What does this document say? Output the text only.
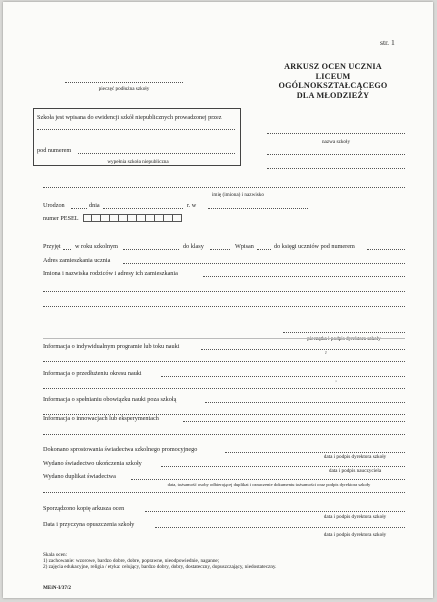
str. 1
pieczęć podłużna szkoły
ARKUSZ OCEN UCZNIA
LICEUM OGÓLNOKSZTAŁCĄCEGO
DLA MŁODZIEŻY
Szkoła jest wpisana do ewidencji szkół niepublicznych prowadzonej przez
pod numerem
wypełnia szkoła niepubliczna
nazwa szkoły
imię (imiona) i nazwisko
Urodzon	dnia	r. w
numer PESEL
Przyjęt w roku szkolnym	do klasy	Wpisan	do księgi uczniów pod numerem
Adres zamieszkania ucznia
Imiona i nazwiska rodziców i adresy ich zamieszkania
pieczątka i podpis dyrektora szkoły
Informacja o indywidualnym programie lub toku nauki
Informacja o przedłużeniu okresu nauki
Informacja o spełnianiu obowiązku nauki poza szkołą
Informacja o innowacjach lub eksperymentach
Dokonano sprostowania świadectwa szkolnego promocyjnego
data i podpis dyrektora szkoły
Wydano świadectwo ukończenia szkoły
data i podpis nauczyciela
Wydano duplikat świadectwa
data, tożsamość osoby odbierającej duplikat i oznaczenie dokumentu tożsamości oraz podpis dyrektora szkoły
Sporządzono kopię arkusza ocen
data i podpis dyrektora szkoły
Data i przyczyna opuszczenia szkoły
data i podpis dyrektora szkoły
Skala ocen:
1) zachowanie: wzorowe, bardzo dobre, dobre, poprawne, nieodpowiednie, naganne;
2) zajęcia edukacyjne, religia / etyka: celujący, bardzo dobry, dobry, dostateczny, dopuszczający, niedostateczny.
MEiN-I/37/2
ᴊ
‚
